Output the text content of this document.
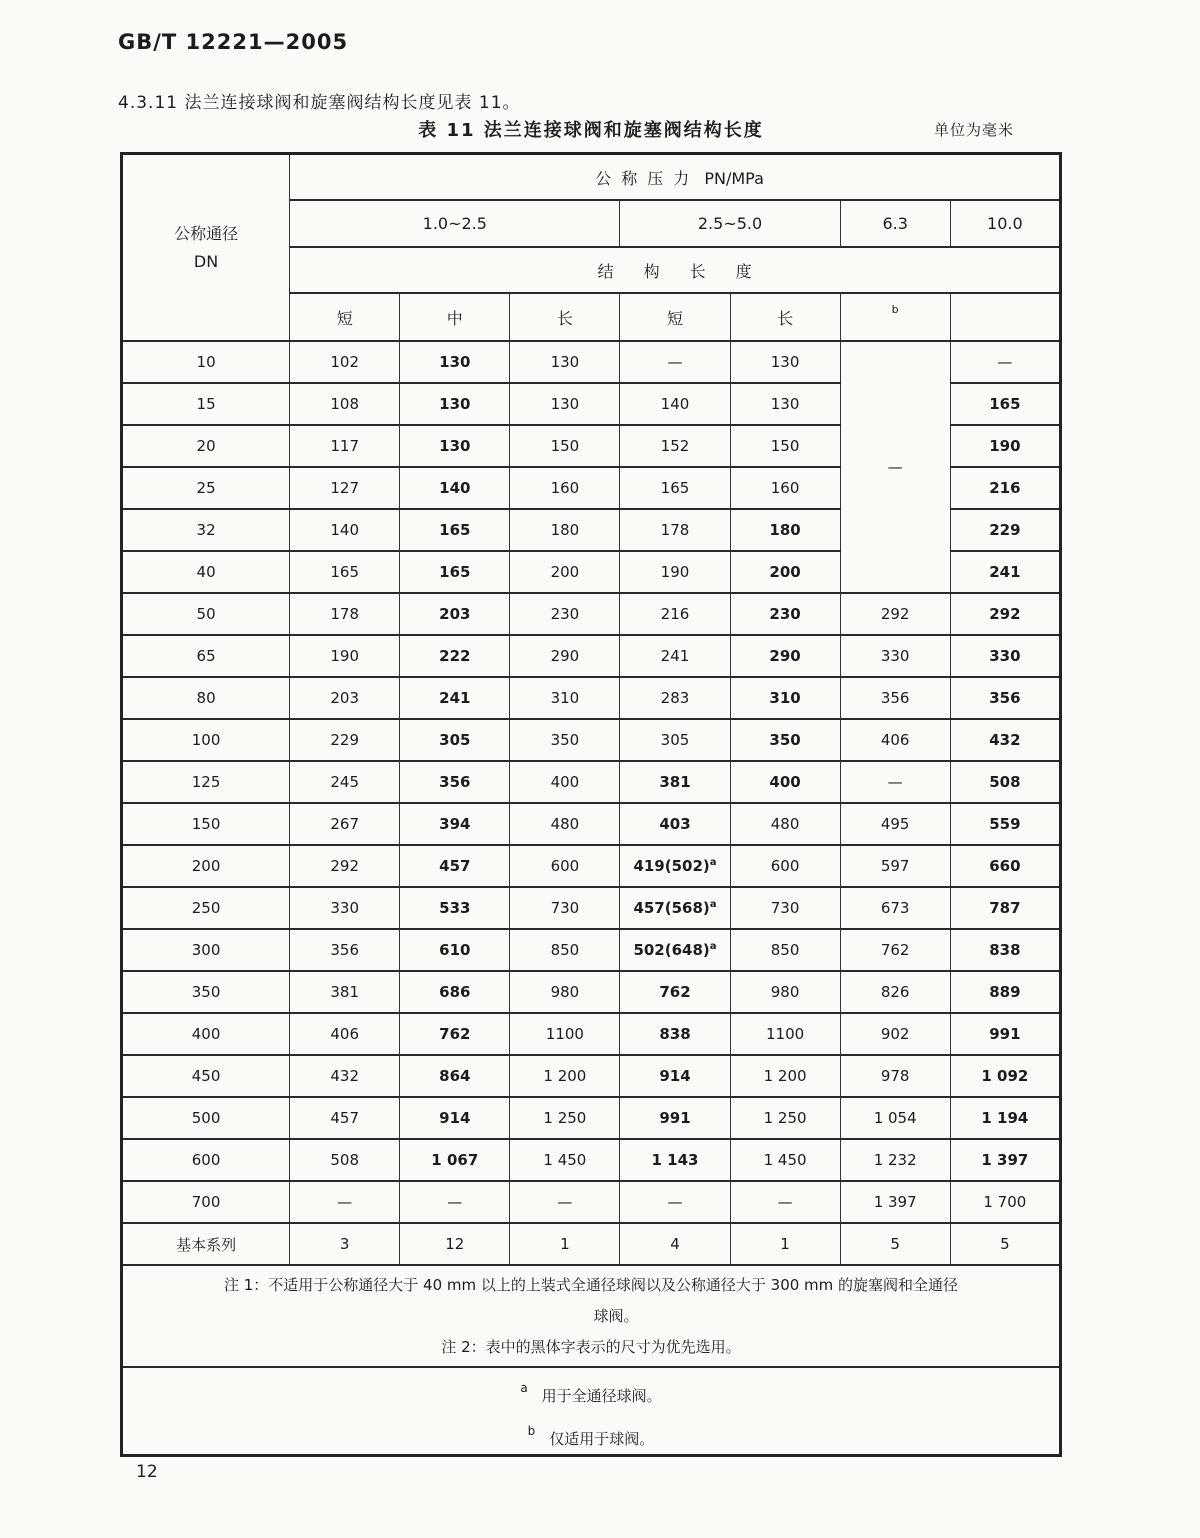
GB/T 12221—2005
4.3.11 法兰连接球阀和旋塞阀结构长度见表 11。
表 11 法兰连接球阀和旋塞阀结构长度	单位为毫米
公称通径
DN	公称压力 PN/MPa						
	1.0~2.5			2.5~5.0		6.3	10.0
	结构长度						
	短	中	长	短	长	$^b$	
10	102	130	130	—	130	—	—
15	108	130	130	140	130		165
20	117	130	150	152	150		190
25	127	140	160	165	160		216
32	140	165	180	178	180		229
40	165	165	200	190	200		241
50	178	203	230	216	230	292	292
65	190	222	290	241	290	330	330
80	203	241	310	283	310	356	356
100	229	305	350	305	350	406	432
125	245	356	400	381	400	—	508
150	267	394	480	403	480	495	559
200	292	457	600	$419(502)^a$	600	597	660
250	330	533	730	$457(568)^a$	730	673	787
300	356	610	850	$502(648)^a$	850	762	838
350	381	686	980	762	980	826	889
400	406	762	1100	838	1100	902	991
450	432	864	1 200	914	1 200	978	1 092
500	457	914	1 250	991	1 250	1 054	1 194
600	508	1 067	1 450	1 143	1 450	1 232	1 397
700	—	—	—	—	—	1 397	1 700
基本系列	3	12	1	4	1	5	5

注 1：不适用于公称通径大于 40 mm 以上的上装式全通径球阀以及公称通径大于 300 mm 的旋塞阀和全通径
球阀。
注 2：表中的黑体字表示的尺寸为优先选用。							

$^a$ 用于全通径球阀。
$^b$ 仅适用于球阀。							
12
